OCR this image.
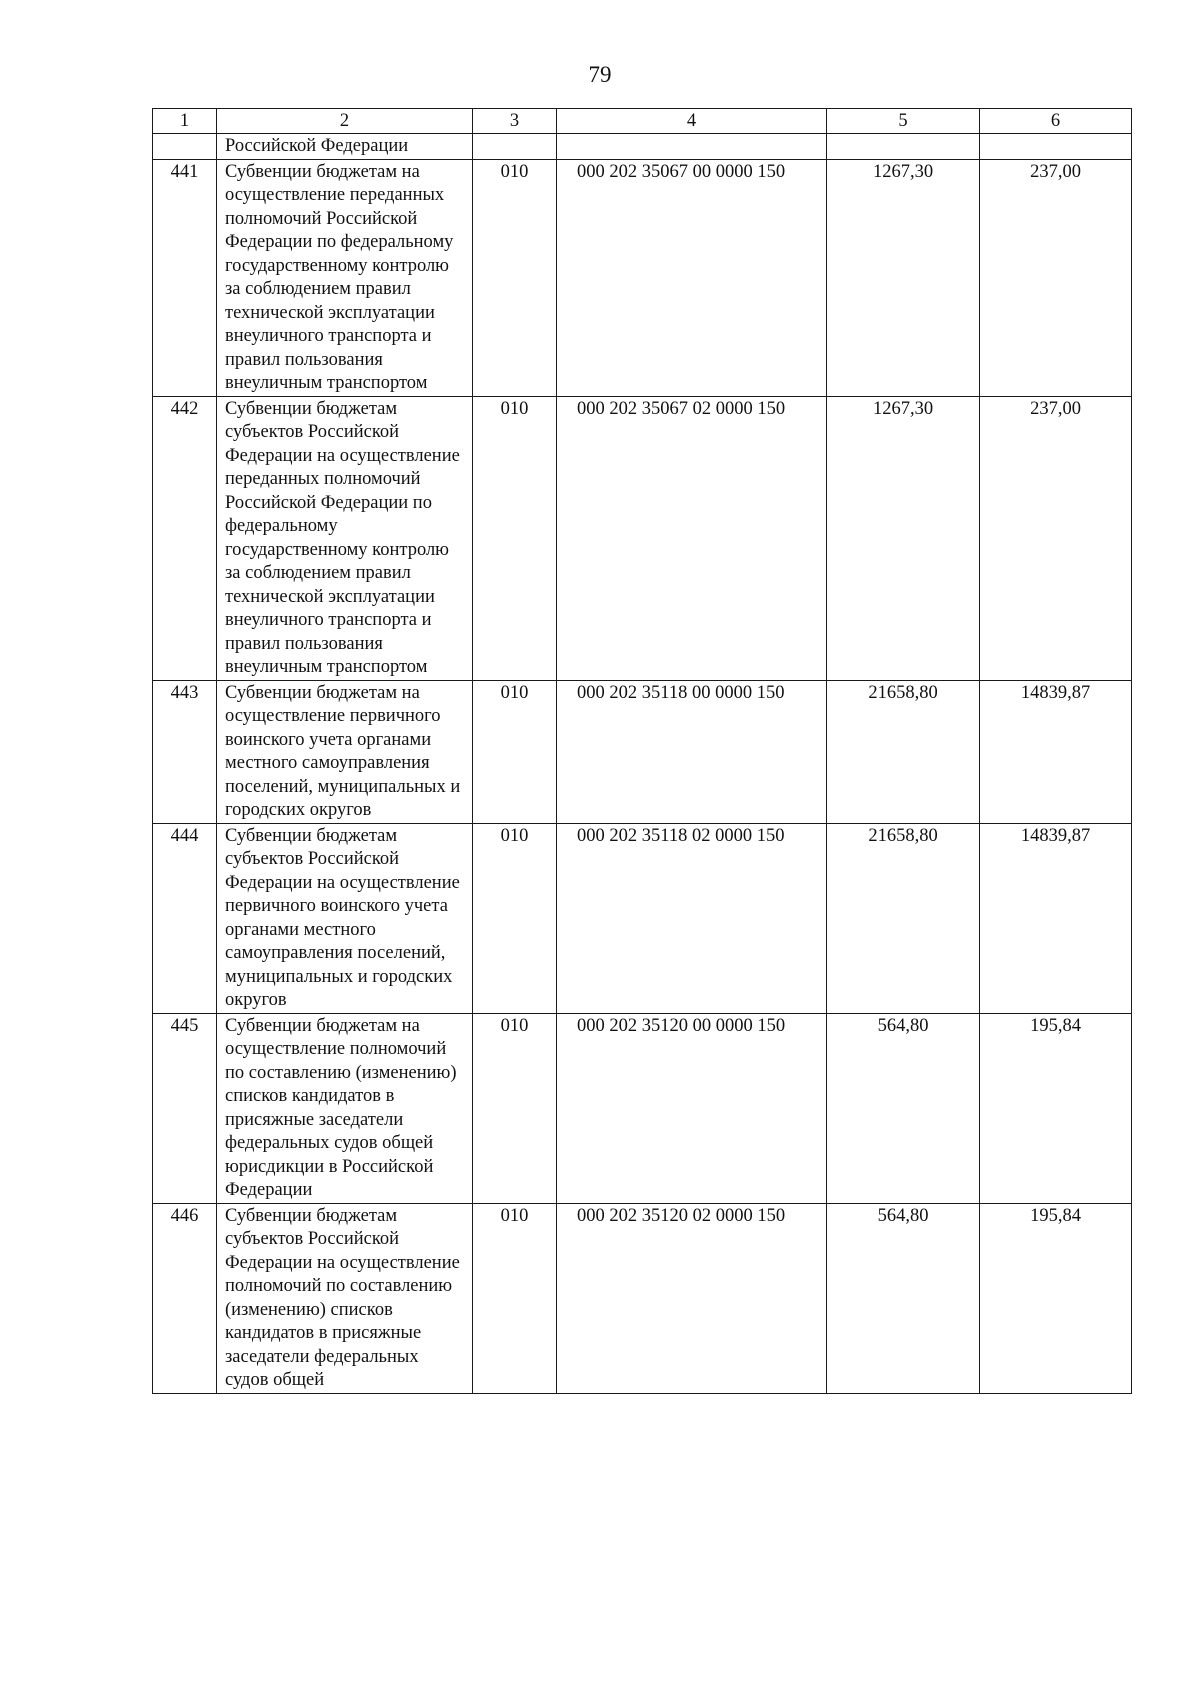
79
1	2	3	4	5	6
	Российской Федерации				
441	Субвенции бюджетам на осуществление переданных полномочий Российской Федерации по федеральному государственному контролю за соблюдением правил технической эксплуатации внеуличного транспорта и правил пользования внеуличным транспортом	010	000 202 35067 00 0000 150	1267,30	237,00
442	Субвенции бюджетам субъектов Российской Федерации на осуществление переданных полномочий Российской Федерации по федеральному государственному контролю за соблюдением правил технической эксплуатации внеуличного транспорта и правил пользования внеуличным транспортом	010	000 202 35067 02 0000 150	1267,30	237,00
443	Субвенции бюджетам на осуществление первичного воинского учета органами местного самоуправления поселений, муниципальных и городских округов	010	000 202 35118 00 0000 150	21658,80	14839,87
444	Субвенции бюджетам субъектов Российской Федерации на осуществление первичного воинского учета органами местного самоуправления поселений, муниципальных и городских округов	010	000 202 35118 02 0000 150	21658,80	14839,87
445	Субвенции бюджетам на осуществление полномочий по составлению (изменению) списков кандидатов в присяжные заседатели федеральных судов общей юрисдикции в Российской Федерации	010	000 202 35120 00 0000 150	564,80	195,84
446	Субвенции бюджетам субъектов Российской Федерации на осуществление полномочий по составлению (изменению) списков кандидатов в присяжные заседатели федеральных судов общей	010	000 202 35120 02 0000 150	564,80	195,84
